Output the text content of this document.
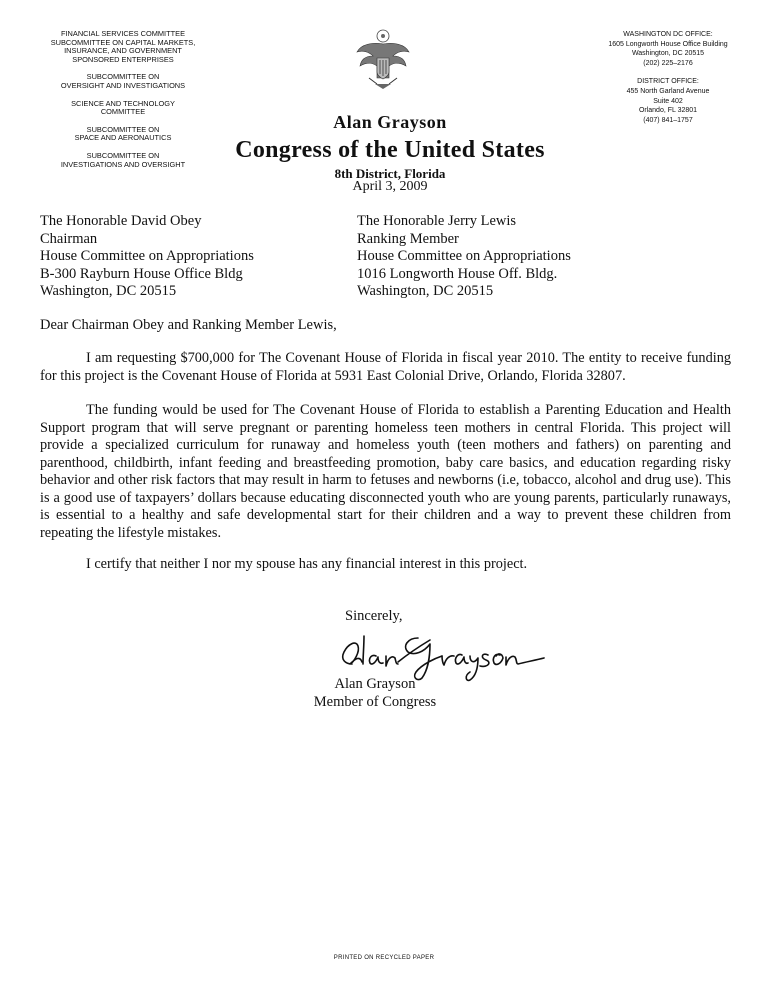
FINANCIAL SERVICES COMMITTEE
SUBCOMMITTEE ON CAPITAL MARKETS,
INSURANCE, AND GOVERNMENT
SPONSORED ENTERPRISES
SUBCOMMITTEE ON
OVERSIGHT AND INVESTIGATIONS
SCIENCE AND TECHNOLOGY
COMMITTEE
SUBCOMMITTEE ON
SPACE AND AERONAUTICS
SUBCOMMITTEE ON
INVESTIGATIONS AND OVERSIGHT
WASHINGTON DC OFFICE:
1605 Longworth House Office Building
Washington, DC 20515
(202) 225–2176
DISTRICT OFFICE:
455 North Garland Avenue
Suite 402
Orlando, FL 32801
(407) 841–1757
Alan Grayson
Congress of the United States
8th District, Florida
April 3, 2009
The Honorable David Obey
Chairman
House Committee on Appropriations
B-300 Rayburn House Office Bldg
Washington, DC 20515
The Honorable Jerry Lewis
Ranking Member
House Committee on Appropriations
1016 Longworth House Off. Bldg.
Washington, DC 20515
Dear Chairman Obey and Ranking Member Lewis,

I am requesting $700,000 for The Covenant House of Florida in fiscal year 2010. The entity to receive funding for this project is the Covenant House of Florida at 5931 East Colonial Drive, Orlando, Florida 32807.

The funding would be used for The Covenant House of Florida to establish a Parenting Education and Health Support program that will serve pregnant or parenting homeless teen mothers in central Florida. This project will provide a specialized curriculum for runaway and homeless youth (teen mothers and fathers) on parenting and parenthood, childbirth, infant feeding and breastfeeding promotion, baby care basics, and education regarding risky behavior and other risk factors that may result in harm to fetuses and newborns (i.e, tobacco, alcohol and drug use). This is a good use of taxpayers’ dollars because educating disconnected youth who are young parents, particularly runaways, is essential to a healthy and safe developmental start for their children and a way to prevent these children from repeating the lifestyle mistakes.

I certify that neither I nor my spouse has any financial interest in this project.

Sincerely,
Alan Grayson
Member of Congress
PRINTED ON RECYCLED PAPER
